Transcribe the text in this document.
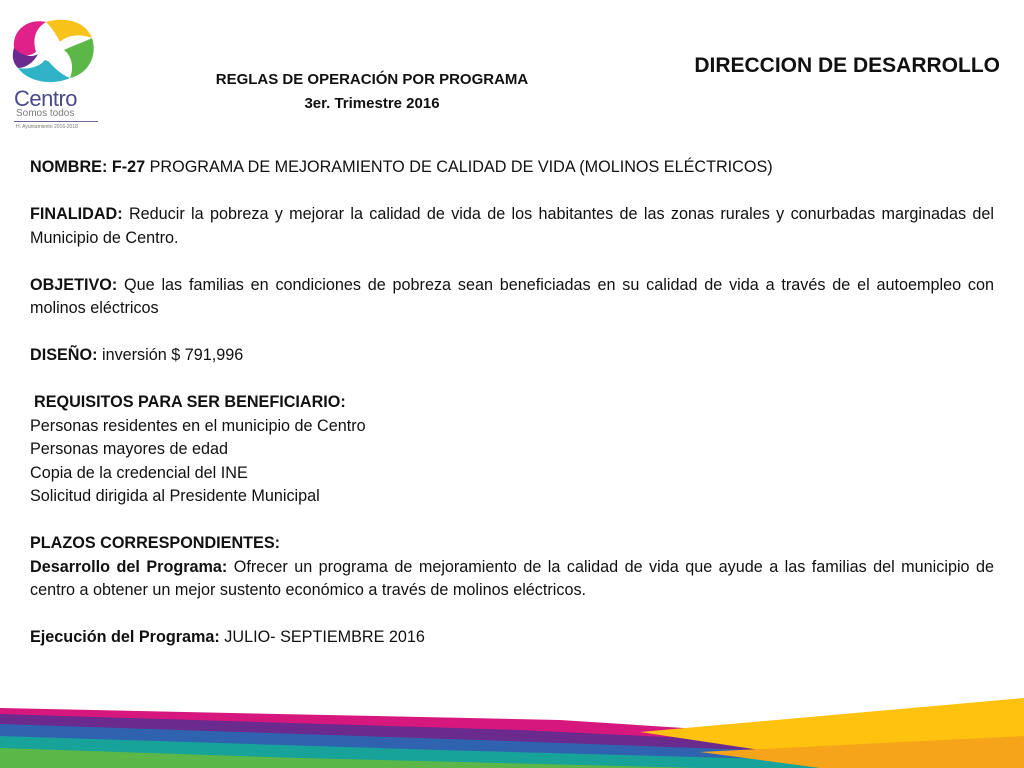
Centro
Somos todos
H. Ayuntamiento 2016-2018
REGLAS DE OPERACIÓN POR PROGRAMA
3er. Trimestre 2016
DIRECCION DE DESARROLLO

NOMBRE: F-27 PROGRAMA DE MEJORAMIENTO DE CALIDAD DE VIDA (MOLINOS ELÉCTRICOS)

FINALIDAD: Reducir la pobreza y mejorar la calidad de vida de los habitantes de las zonas rurales y conurbadas marginadas del Municipio de Centro.

OBJETIVO: Que las familias en condiciones de pobreza sean beneficiadas en su calidad de vida a través de el autoempleo con molinos eléctricos

DISEÑO: inversión $ 791,996

REQUISITOS PARA SER BENEFICIARIO:

Personas residentes en el municipio de Centro

Personas mayores de edad

Copia de la credencial del INE

Solicitud dirigida al Presidente Municipal

PLAZOS CORRESPONDIENTES:

Desarrollo del Programa: Ofrecer un programa de mejoramiento de la calidad de vida que ayude a las familias del municipio de centro a obtener un mejor sustento económico a través de molinos eléctricos.

Ejecución del Programa: JULIO- SEPTIEMBRE 2016
